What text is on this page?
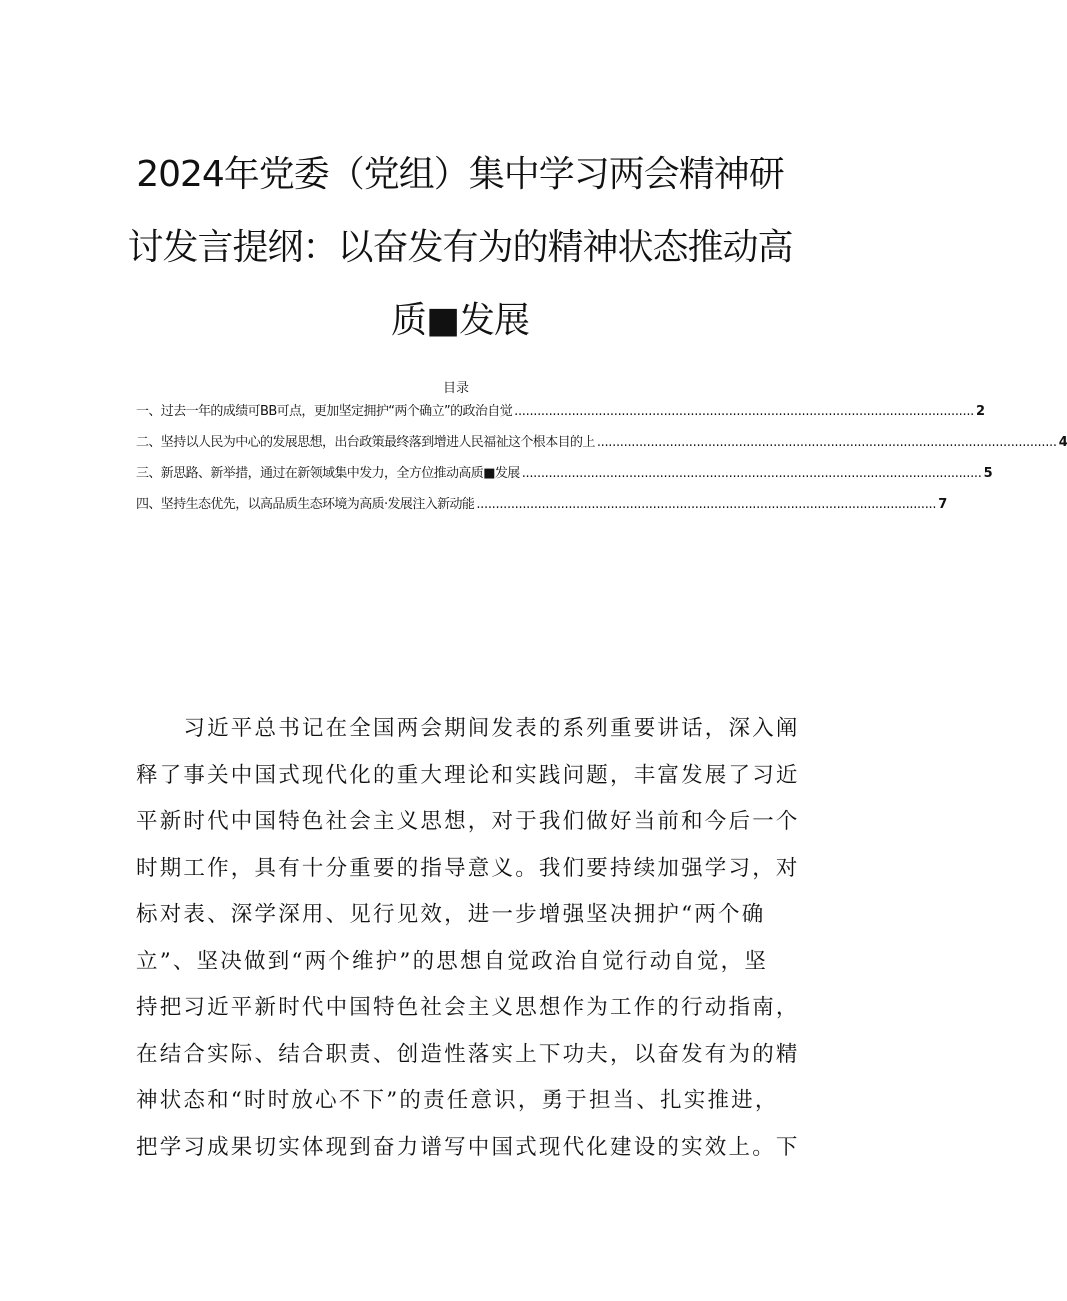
2024年党委（党组）集中学习两会精神研
讨发言提纲：以奋发有为的精神状态推动高
质■发展
目录
一、过去一年的成绩可BB可点，更加坚定拥护“两个确立”的政治自觉 ........................................................................................................................ 2
二、坚持以人民为中心的发展思想，出台政策最终落到增进人民福祉这个根本目的上 ........................................................................................................................ 4
三、新思路、新举措，通过在新领域集中发力，全方位推动高质■发展 ........................................................................................................................ 5
四、坚持生态优先，以高品质生态环境为高质·发展注入新动能 ........................................................................................................................ 7
　　习近平总书记在全国两会期间发表的系列重要讲话，深入阐
释了事关中国式现代化的重大理论和实践问题，丰富发展了习近
平新时代中国特色社会主义思想，对于我们做好当前和今后一个
时期工作，具有十分重要的指导意义。我们要持续加强学习，对
标对表、深学深用、见行见效，进一步增强坚决拥护“两个确
立”、坚决做到“两个维护”的思想自觉政治自觉行动自觉，坚
持把习近平新时代中国特色社会主义思想作为工作的行动指南，
在结合实际、结合职责、创造性落实上下功夫，以奋发有为的精
神状态和“时时放心不下”的责任意识，勇于担当、扎实推进，
把学习成果切实体现到奋力谱写中国式现代化建设的实效上。下
